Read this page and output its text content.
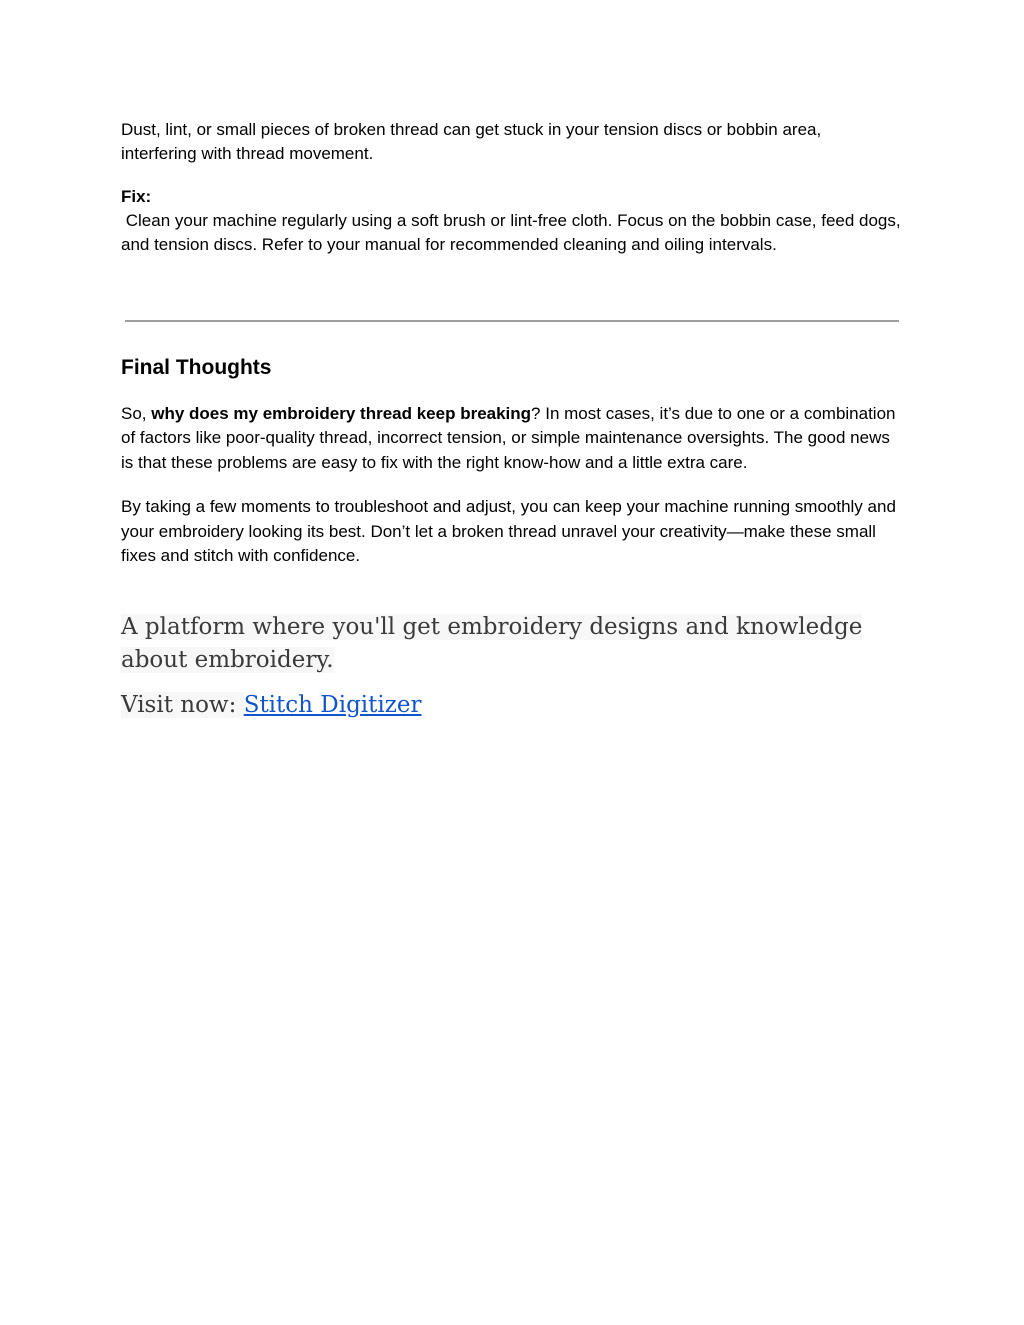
Dust, lint, or small pieces of broken thread can get stuck in your tension discs or bobbin area, interfering with thread movement.

Fix:

Clean your machine regularly using a soft brush or lint-free cloth. Focus on the bobbin case, feed dogs, and tension discs. Refer to your manual for recommended cleaning and oiling intervals.

Final Thoughts

So, why does my embroidery thread keep breaking? In most cases, it’s due to one or a combination of factors like poor-quality thread, incorrect tension, or simple maintenance oversights. The good news is that these problems are easy to fix with the right know-how and a little extra care.

By taking a few moments to troubleshoot and adjust, you can keep your machine running smoothly and your embroidery looking its best. Don’t let a broken thread unravel your creativity—make these small fixes and stitch with confidence.

A platform where you'll get embroidery designs and knowledge about embroidery.

Visit now: Stitch Digitizer
